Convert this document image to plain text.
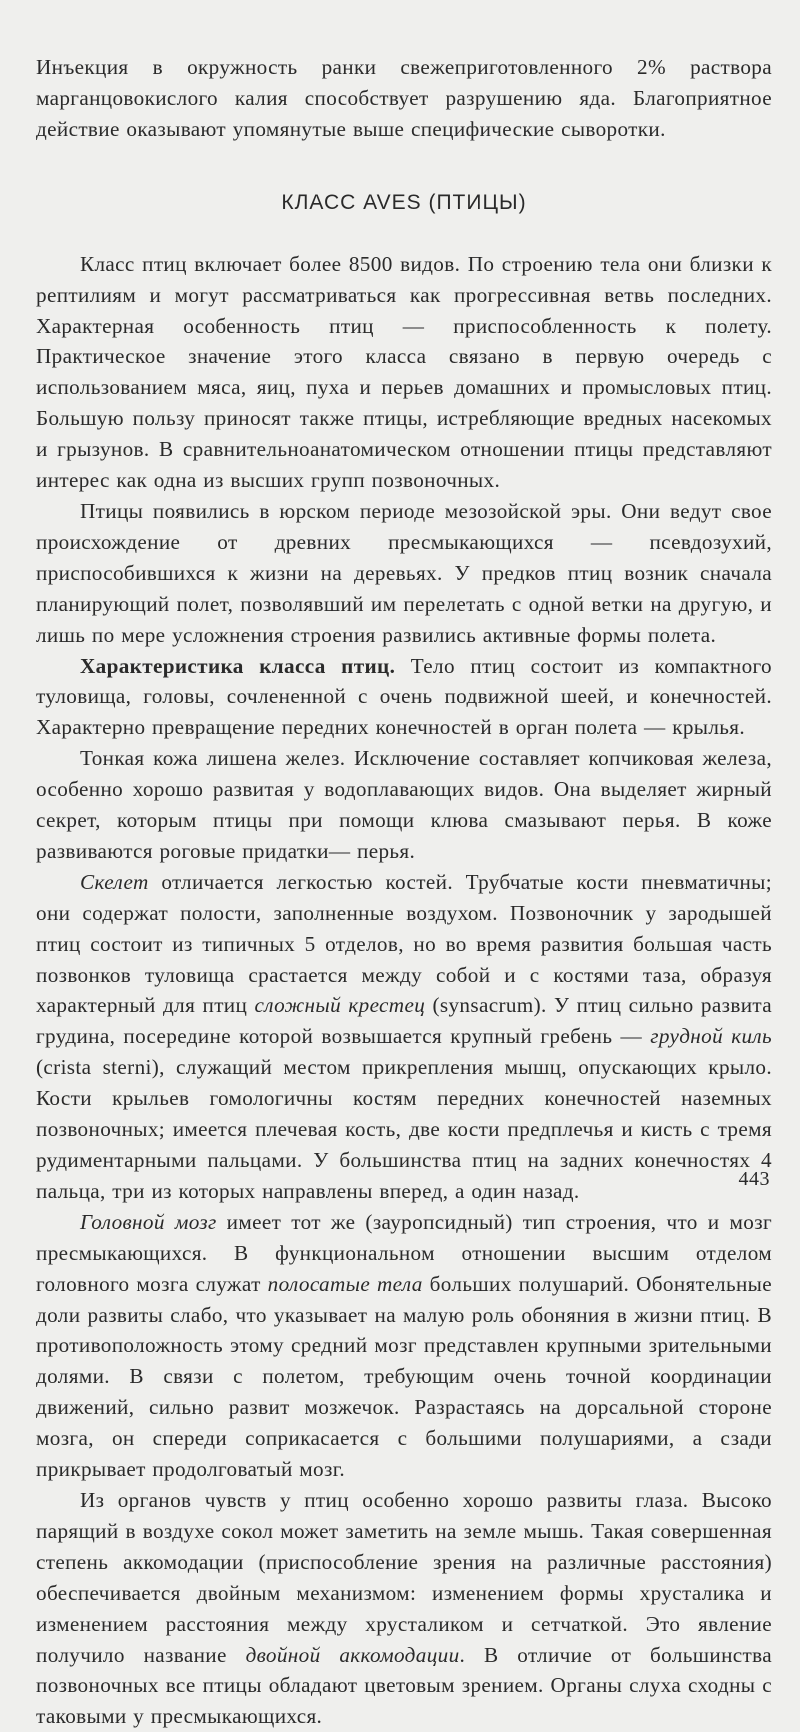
Инъекция в окружность ранки свежеприготовленного 2% раствора марганцовокислого калия способствует разрушению яда. Благоприятное действие оказывают упомянутые выше специфические сыворотки.

КЛАСС AVES (ПТИЦЫ)

Класс птиц включает более 8500 видов. По строению тела они близки к рептилиям и могут рассматриваться как прогрессивная ветвь последних. Характерная особенность птиц — приспособленность к полету. Практическое значение этого класса связано в первую очередь с использованием мяса, яиц, пуха и перьев домашних и промысловых птиц. Большую пользу приносят также птицы, истребляющие вредных насекомых и грызунов. В сравнительноанатомическом отношении птицы представляют интерес как одна из высших групп позвоночных.

Птицы появились в юрском периоде мезозойской эры. Они ведут свое происхождение от древних пресмыкающихся — псевдозухий, приспособившихся к жизни на деревьях. У предков птиц возник сначала планирующий полет, позволявший им перелетать с одной ветки на другую, и лишь по мере усложнения строения развились активные формы полета.

Характеристика класса птиц. Тело птиц состоит из компактного туловища, головы, сочлененной с очень подвижной шеей, и конечностей. Характерно превращение передних конечностей в орган полета — крылья.

Тонкая кожа лишена желез. Исключение составляет копчиковая железа, особенно хорошо развитая у водоплавающих видов. Она выделяет жирный секрет, которым птицы при помощи клюва смазывают перья. В коже развиваются роговые придатки— перья.

Скелет отличается легкостью костей. Трубчатые кости пневматичны; они содержат полости, заполненные воздухом. Позвоночник у зародышей птиц состоит из типичных 5 отделов, но во время развития большая часть позвонков туловища срастается между собой и с костями таза, образуя характерный для птиц сложный крестец (synsacrum). У птиц сильно развита грудина, посередине которой возвышается крупный гребень — грудной киль (crista sterni), служащий местом прикрепления мышц, опускающих крыло. Кости крыльев гомологичны костям передних конечностей наземных позвоночных; имеется плечевая кость, две кости предплечья и кисть с тремя рудиментарными пальцами. У большинства птиц на задних конечностях 4 пальца, три из которых направлены вперед, а один назад.

Головной мозг имеет тот же (зауропсидный) тип строения, что и мозг пресмыкающихся. В функциональном отношении высшим отделом головного мозга служат полосатые тела больших полушарий. Обонятельные доли развиты слабо, что указывает на малую роль обоняния в жизни птиц. В противоположность этому средний мозг представлен крупными зрительными долями. В связи с полетом, требующим очень точной координации движений, сильно развит мозжечок. Разрастаясь на дорсальной стороне мозга, он спереди соприкасается с большими полушариями, а сзади прикрывает продолговатый мозг.

Из органов чувств у птиц особенно хорошо развиты глаза. Высоко парящий в воздухе сокол может заметить на земле мышь. Такая совершенная степень аккомодации (приспособление зрения на различные расстояния) обеспечивается двойным механизмом: изменением формы хрусталика и изменением расстояния между хрусталиком и сетчаткой. Это явление получило название двойной аккомодации. В отличие от большинства позвоночных все птицы обладают цветовым зрением. Органы слуха сходны с таковыми у пресмыкающихся.

443
